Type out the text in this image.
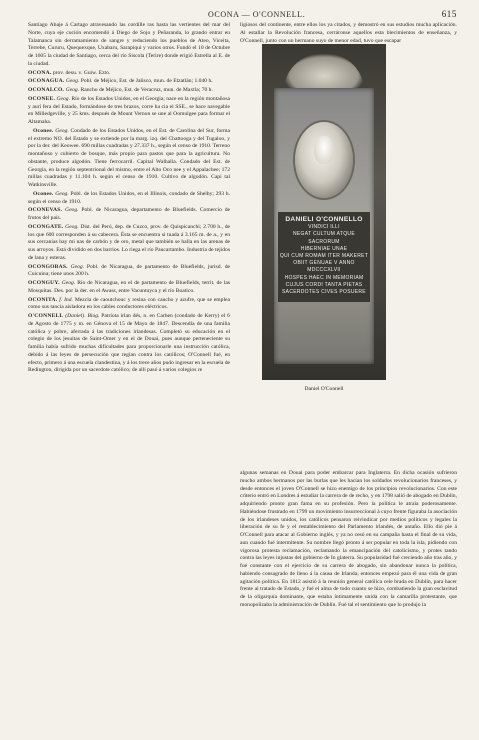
OCONA — O'CONNELL.	615

Santiago Abaje á Cartago atravesando las cordille ras hasta las vertientes del mar del Norte, cuya eje cución encomendó á Diego de Sojo y Peñaranda, lo grando entrar en Talamanca sin derramamiento de sangre y reduciendo los pueblos de Ateo, Viceita, Terrebe, Cururu, Quequexque, Uxabaru, Sarapiqui y varios otros. Fundó el 10 de Octubre de 1605 la ciudad de Santiago, cerca del río Siscola (Terire) donde erigió Estrella al E. de la ciudad.

OCONA. prov. desu. v. Guiw. Ezto.

OCONAGUA. Geog. Pobl. de Méjico, Est. de Jalisco, mun. de Etzatlán; 1.040 h.

OCONALCO. Geog. Rancho de Méjico, Est. de Veracruz, mun. de Maxtla; 70 h.

OCONEE. Geog. Río de los Estados Unidos, en el Georgia; nace en la región montañosa y aurí fera del Estado, formándose de tres brazos, corre ha cia el SSE., se hace navegable en Milledgeville, y 25 kms. después de Mount Vernon se une al Oomulgee para formar el Altamaha.

Oconee. Geog. Condado de los Estados Unidos, en el Est. de Carolina del Sur, forma el extremo NO. del Estado y se extiende por la marg. izq. del Chattooga y del Tugaloo, y por la der. del Keowee. 690 millas cuadradas y 27.337 h., según el censo de 1910. Terreno montañoso y cubierto de bosque, más propio para pastos que para la agricultura. No obstante, produce algodón. Tiene ferrocarril. Capital Walhalla. Condado del Est. de Georgia, en la región septentrional del mismo, entre el Alto Oco nee y el Appalachee; 172 millas cuadradas y 11.104 h. según el censo de 1910. Cultivo de algodón. Capi tal Watkinsville.

Oconee. Geog. Pobl. de los Estados Unidos, en el Illinois, condado de Shelby; 293 h. según el censo de 1910.

OCONEVAS. Geog. Pobl. de Nicaragua, departamento de Bluefields. Comercio de frutos del país.

OCONGATE. Geog. Dist. del Perú, dep. de Cuzco, prov. de Quispicanchi; 2.700 h., de los que 600 corresponden á su cabecera. Ésta se encuentra si tuada á 3.165 m. de a., y en sus cercanías hay mi nas de carbón y de oro, metal que también se halla en las arenas de sus arroyos. Está dividido en dos barrios. Lo riega el río Paucartambo. Industria de tejidos de lana y esteras.

OCONGOBAS. Geog. Pobl. de Nicaragua, de partamento de Bluefields, jurisd. de Cuicuina; tiene unos 200 h.

OCONGUY. Geog. Río de Nicaragua, en el de partamento de Bluefields, territ. de las Mosquitas. Des. por la der. en el Awass, entre Vacuntuyca y el río Boatico.

OCONITA. f. Ind. Mezcla de caoutchouc y resina con caucho y azufre, que se emplea como sus tancia aisladora en los cables conductores eléctricos.

O'CONNELL (Daniel). Biog. Patriota irlan dés, n. en Carhen (condado de Kerry) el 6 de Agosto de 1775 y m. en Génova el 15 de Mayo de 1847. Descendía de una familia católica y pobre, aferrada á las tradiciones irlandesas. Completó su educación en el colegio de los jesuitas de Saint-Omer y en el de Douai, pues aunque perteneciente su familia había sufrido muchas dificultades para proporcionarle una instrucción católica, debido á las leyes de persecución que regían contra los católicos; O'Connell fué, en efecto, primero á una escuela clandestina, y á los trece años pudo ingresar en la escuela de Redington, dirigida por un sacerdote católico; de allí pasó á varios colegios re

ligiosos del continente, entre ellos los ya citados, y demostró en sus estudios mucha aplicación. Al estallar la Revolución francesa, cerráronse aquellos esta blecimientos de enseñanza, y O'Connell, junto con un hermano suyo de menor edad, tuvo que escapar

algunas semanas en Douai para poder embarcar para Inglaterra. En dicha ocasión sufrieron mucho ambos hermanos por las burlas que les hacían los soldados revolucionarios franceses, y desde entonces el joven O'Connell se hizo enemigo de los principios revolucionarios. Con este criterio entró en Londres á estudiar la carrera de de recho, y en 1798 salió de abogado en Dublín, adquiriendo pronto gran fama en su profesión. Pero la política le atraía poderosamente. Habiéndose frustrado en 1799 un movimiento insurreccional á cuyo frente figuraba la asociación de los irlandeses unidos, los católicos pensaron reivindicar por medios políticos y legales la liberación de su fe y el restablecimiento del Parlamento irlandés, de antaño. Ello dió pie á O'Connell para atacar al Gobierno inglés, y ya no cesó en su campaña hasta el final de su vida, aun cuando fué intermitente. Su nombre llegó pronto á ser popular en toda la isla, pidiendo con vigorosa protesta reclamación, reclamando la emancipación del catolicismo, y protes tando contra las leyes injustas del gobierno de In glaterra. Su popularidad fué creciendo año tras año, y fué constante con el ejercicio de su carrera de abogado, sin abandonar nunca la política, habiendo consagrado de lleno á la causa de Irlanda; entonces empezó para él una vida de gran agitación política. En 1812 asistió á la reunión general católica cele brada en Dublín, para hacer frente al tratado de Estado, y fué el alma de todo cuanto se hizo, combatiendo la gran esclavitud de la oligarquía dominante, que estaba íntimamente unida con la camarilla protestante, que monopolizaba la administración de Dublín. Fué tal el sentimiento que lo produjo la

DANIELI O'CONNELLO
VINDICI ILLI
NEGAT CULTUM ATQUE SACRORUM
HIBERNIAE UNAE
QUI CUM ROMAM ITER MAKERET
OBIIT GENUAE V ANNO MDCCCXLVII
HOSPES HAEC IN MEMORIAM
CUJUS CORDI TANTA PIETAS
SACERDOTES CIVES POSUERE
Daniel O'Connell
